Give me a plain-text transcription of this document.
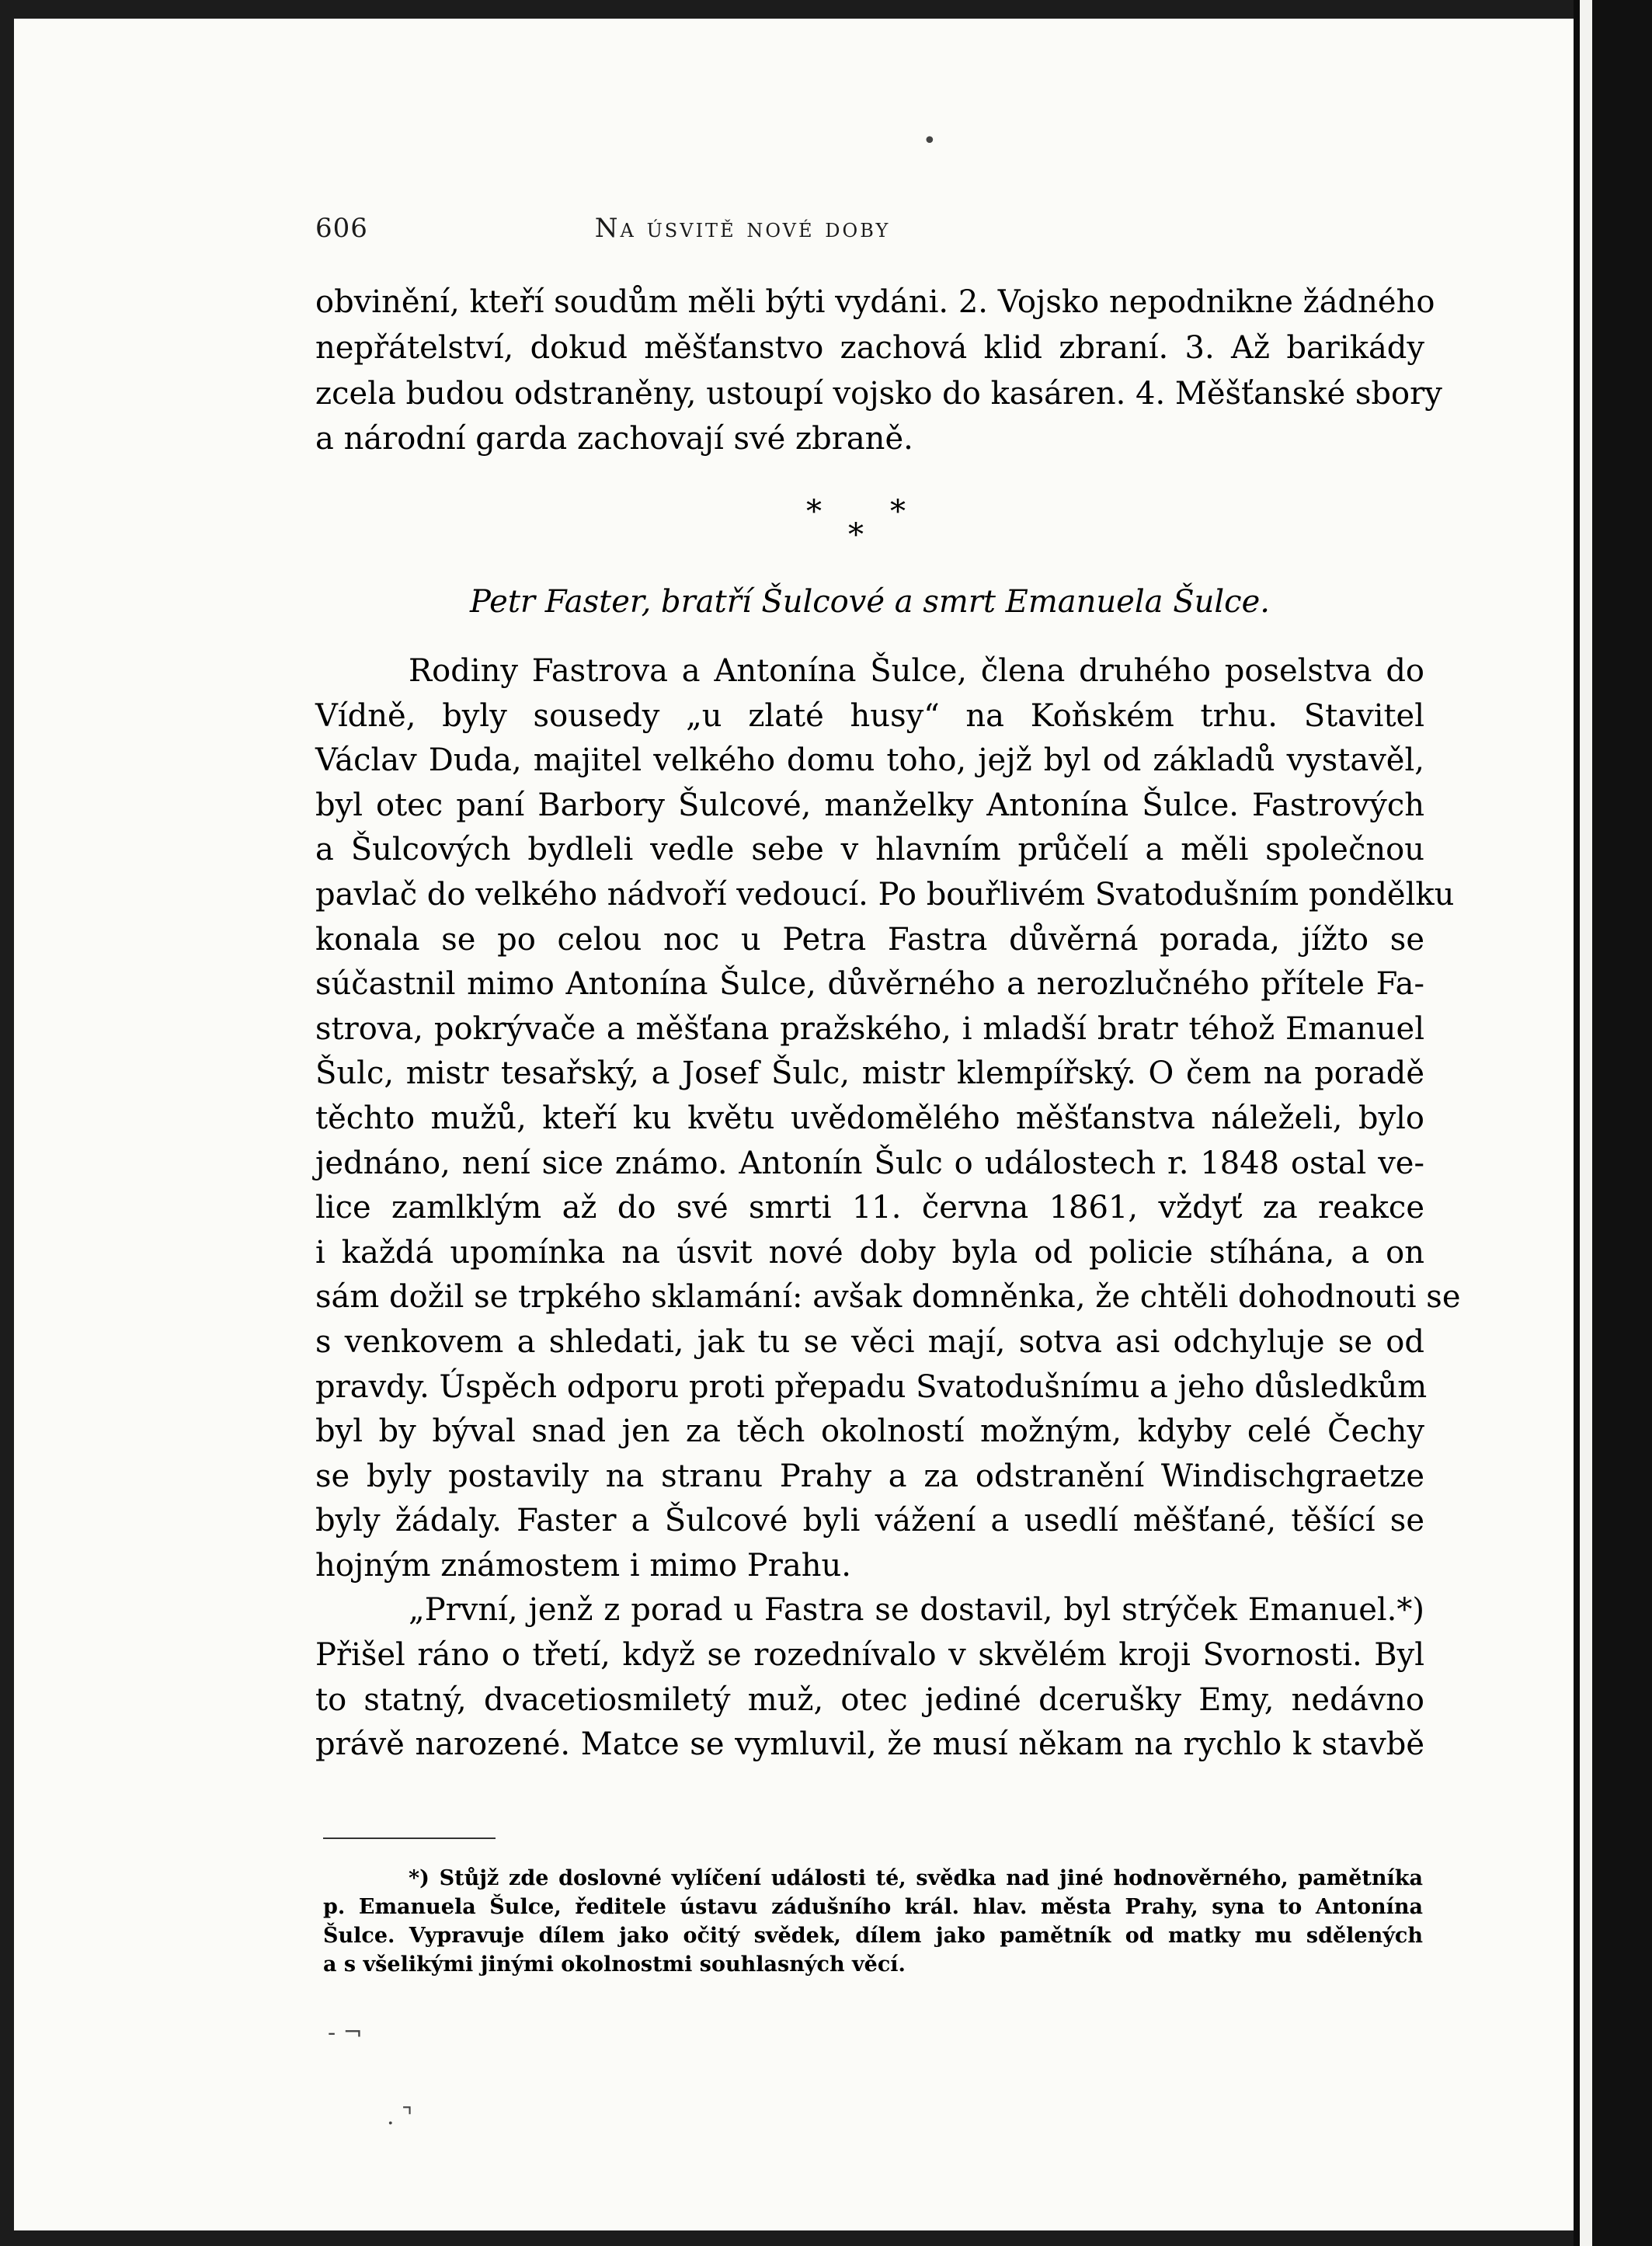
•
606	Na úsvitě nové doby
obvinění, kteří soudům měli býti vydáni. 2. Vojsko nepodnikne žádného
nepřátelství, dokud měšťanstvo zachová klid zbraní. 3. Až barikády
zcela budou odstraněny, ustoupí vojsko do kasáren. 4. Měšťanské sbory
a národní garda zachovají své zbraně.
* *
*
Petr Faster, bratří Šulcové a smrt Emanuela Šulce.
Rodiny Fastrova a Antonína Šulce, člena druhého poselstva do
Vídně, byly sousedy „u zlaté husy“ na Koňském trhu. Stavitel
Václav Duda, majitel velkého domu toho, jejž byl od základů vystavěl,
byl otec paní Barbory Šulcové, manželky Antonína Šulce. Fastrových
a Šulcových bydleli vedle sebe v hlavním průčelí a měli společnou
pavlač do velkého nádvoří vedoucí. Po bouřlivém Svatodušním pondělku
konala se po celou noc u Petra Fastra důvěrná porada, jížto se
súčastnil mimo Antonína Šulce, důvěrného a nerozlučného přítele Fa-
strova, pokrývače a měšťana pražského, i mladší bratr téhož Emanuel
Šulc, mistr tesařský, a Josef Šulc, mistr klempířský. O čem na poradě
těchto mužů, kteří ku květu uvědomělého měšťanstva náleželi, bylo
jednáno, není sice známo. Antonín Šulc o událostech r. 1848 ostal ve-
lice zamlklým až do své smrti 11. června 1861, vždyť za reakce
i každá upomínka na úsvit nové doby byla od policie stíhána, a on
sám dožil se trpkého sklamání: avšak domněnka, že chtěli dohodnouti se
s venkovem a shledati, jak tu se věci mají, sotva asi odchyluje se od
pravdy. Úspěch odporu proti přepadu Svatodušnímu a jeho důsledkům
byl by býval snad jen za těch okolností možným, kdyby celé Čechy
se byly postavily na stranu Prahy a za odstranění Windischgraetze
byly žádaly. Faster a Šulcové byli vážení a usedlí měšťané, těšící se
hojným známostem i mimo Prahu.
„První, jenž z porad u Fastra se dostavil, byl strýček Emanuel.*)
Přišel ráno o třetí, když se rozednívalo v skvělém kroji Svornosti. Byl
to statný, dvacetiosmiletý muž, otec jediné dcerušky Emy, nedávno
právě narozené. Matce se vymluvil, že musí někam na rychlo k stavbě
*) Stůjž zde doslovné vylíčení události té, svědka nad jiné hodnověrného, pamětníka
p. Emanuela Šulce, ředitele ústavu zádušního král. hlav. města Prahy, syna to Antonína
Šulce. Vypravuje dílem jako očitý svědek, dílem jako pamětník od matky mu sdělených
a s všelikými jinými okolnostmi souhlasných věcí.
- ¬
. ⌝
